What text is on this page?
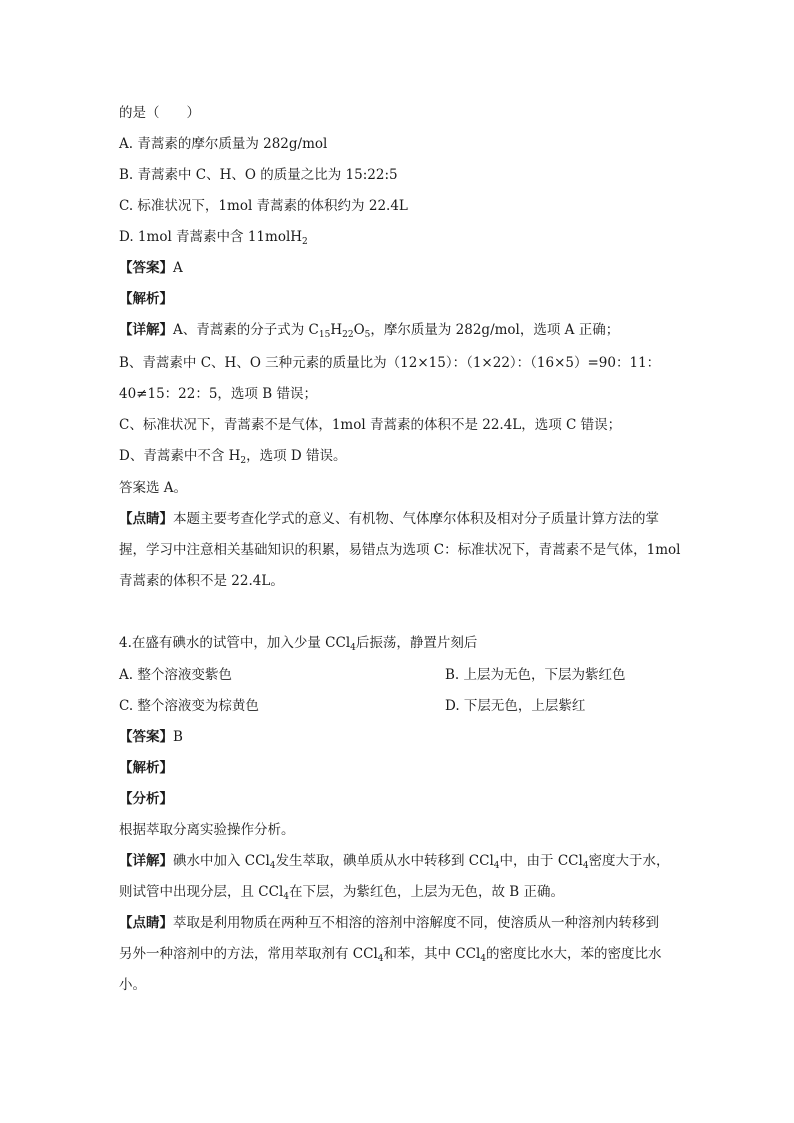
的是（　　）
A. 青蒿素的摩尔质量为 282g/mol
B. 青蒿素中 C、H、O 的质量之比为 15:22:5
C. 标准状况下，1mol 青蒿素的体积约为 22.4L
D. 1mol 青蒿素中含 11molH$_2$
【答案】A
【解析】
【详解】A、青蒿素的分子式为 $C_{15}H_{22}O_5$，摩尔质量为 282g/mol，选项 A 正确；
B、青蒿素中 C、H、O 三种元素的质量比为（12×15）：（1×22）：（16×5）=90：11：
40≠15：22：5，选项 B 错误；
C、标准状况下，青蒿素不是气体，1mol 青蒿素的体积不是 22.4L，选项 C 错误；
D、青蒿素中不含 $H_2$，选项 D 错误。
答案选 A。
【点睛】本题主要考查化学式的意义、有机物、气体摩尔体积及相对分子质量计算方法的掌
握，学习中注意相关基础知识的积累，易错点为选项 C：标准状况下，青蒿素不是气体，1mol
青蒿素的体积不是 22.4L。
4.在盛有碘水的试管中，加入少量 CCl$_4$后振荡，静置片刻后
A. 整个溶液变紫色	B. 上层为无色，下层为紫红色
C. 整个溶液变为棕黄色	D. 下层无色，上层紫红
【答案】B
【解析】
【分析】
根据萃取分离实验操作分析。
【详解】碘水中加入 CCl$_4$发生萃取，碘单质从水中转移到 CCl$_4$中，由于 CCl$_4$密度大于水，
则试管中出现分层，且 CCl$_4$在下层，为紫红色，上层为无色，故 B 正确。
【点睛】萃取是利用物质在两种互不相溶的溶剂中溶解度不同，使溶质从一种溶剂内转移到
另外一种溶剂中的方法，常用萃取剂有 CCl$_4$和苯，其中 CCl$_4$的密度比水大，苯的密度比水
小。
